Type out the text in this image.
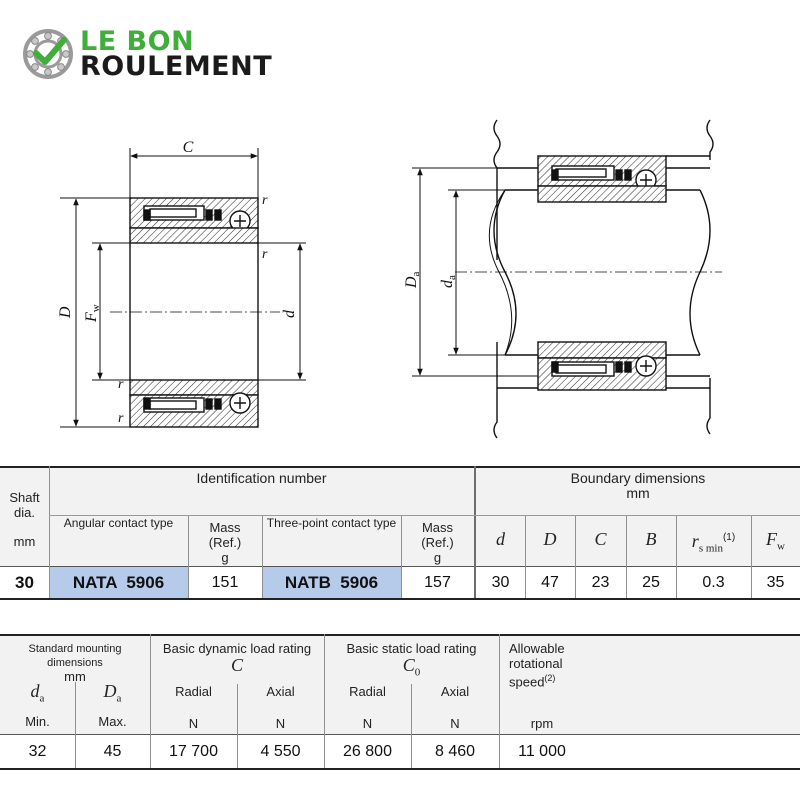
LE BON
ROULEMENT
C
r
r
r
r
D Fw
d
Da
da
Shaft
dia.
mm
Identification number
Angular contact type	Mass
(Ref.)
g
Three-point contact type	Mass
(Ref.)
g
Boundary dimensions
mm
d	D	C	B	$r_{s min}^{(1)}$	$F_w$
30	NATA  5906	151	NATB  5906	157	30	47	23	25	0.3	35
Standard mounting dimensions
mm
Basic dynamic load rating
C
Basic static load rating
$C_0$
Allowable
rotational
speed$^{(2)}$
$d_a$	$D_a$
Min.	Max.
Radial	Axial	Radial	Axial
N	N	N	N	rpm
32	45	17 700	4 550	26 800	8 460	11 000
